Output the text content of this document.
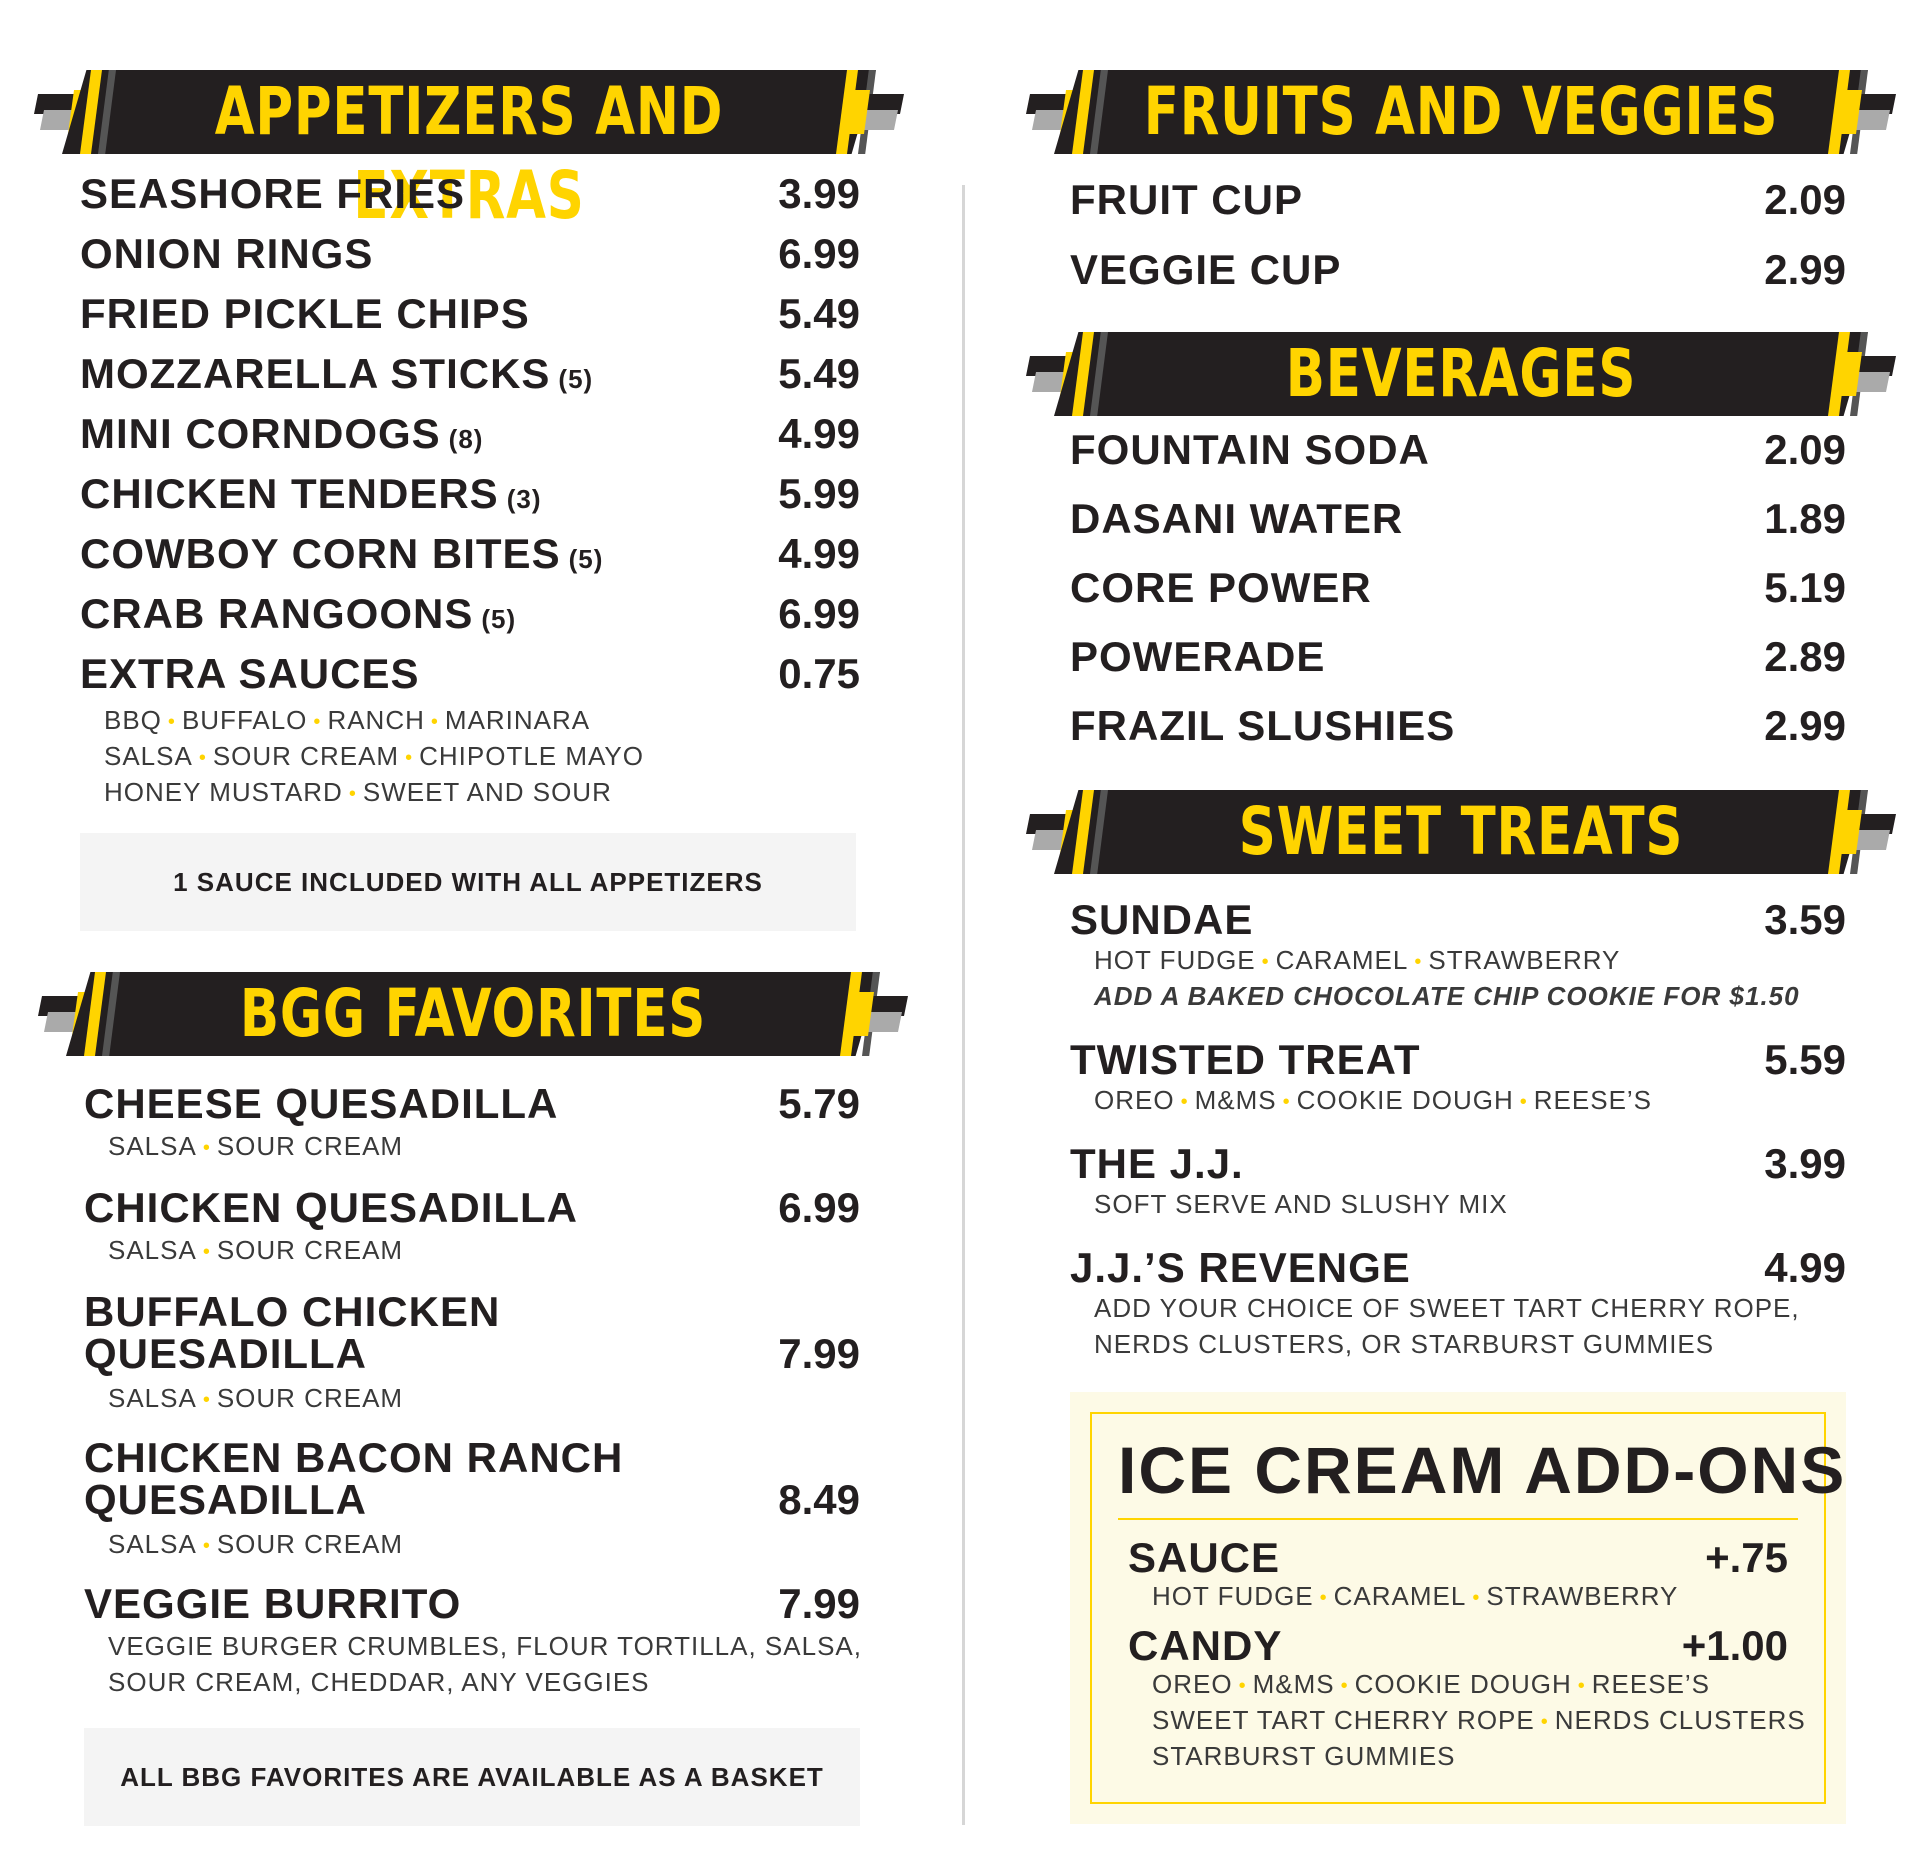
APPETIZERS AND EXTRAS
SEASHORE FRIES	3.99
ONION RINGS	6.99
FRIED PICKLE CHIPS	5.49
MOZZARELLA STICKS (5)	5.49
MINI CORNDOGS (8)	4.99
CHICKEN TENDERS (3)	5.99
COWBOY CORN BITES (5)	4.99
CRAB RANGOONS (5)	6.99
EXTRA SAUCES	0.75
BBQ • BUFFALO • RANCH • MARINARA
SALSA • SOUR CREAM • CHIPOTLE MAYO
HONEY MUSTARD • SWEET AND SOUR
1 SAUCE INCLUDED WITH ALL APPETIZERS
BGG FAVORITES
CHEESE QUESADILLA	5.79
SALSA • SOUR CREAM
CHICKEN QUESADILLA	6.99
SALSA • SOUR CREAM
BUFFALO CHICKEN
QUESADILLA	7.99
SALSA • SOUR CREAM
CHICKEN BACON RANCH
QUESADILLA	8.49
SALSA • SOUR CREAM
VEGGIE BURRITO	7.99
VEGGIE BURGER CRUMBLES, FLOUR TORTILLA, SALSA,
SOUR CREAM, CHEDDAR, ANY VEGGIES
ALL BBG FAVORITES ARE AVAILABLE AS A BASKET
FRUITS AND VEGGIES
FRUIT CUP	2.09
VEGGIE CUP	2.99
BEVERAGES
FOUNTAIN SODA	2.09
DASANI WATER	1.89
CORE POWER	5.19
POWERADE	2.89
FRAZIL SLUSHIES	2.99
SWEET TREATS
SUNDAE	3.59
HOT FUDGE • CARAMEL • STRAWBERRY
ADD A BAKED CHOCOLATE CHIP COOKIE FOR $1.50
TWISTED TREAT	5.59
OREO • M&MS • COOKIE DOUGH • REESE’S
THE J.J.	3.99
SOFT SERVE AND SLUSHY MIX
J.J.’S REVENGE	4.99
ADD YOUR CHOICE OF SWEET TART CHERRY ROPE,
NERDS CLUSTERS, OR STARBURST GUMMIES
ICE CREAM ADD-ONS
SAUCE	+.75
HOT FUDGE • CARAMEL • STRAWBERRY
CANDY	+1.00
OREO • M&MS • COOKIE DOUGH • REESE’S
SWEET TART CHERRY ROPE • NERDS CLUSTERS
STARBURST GUMMIES
